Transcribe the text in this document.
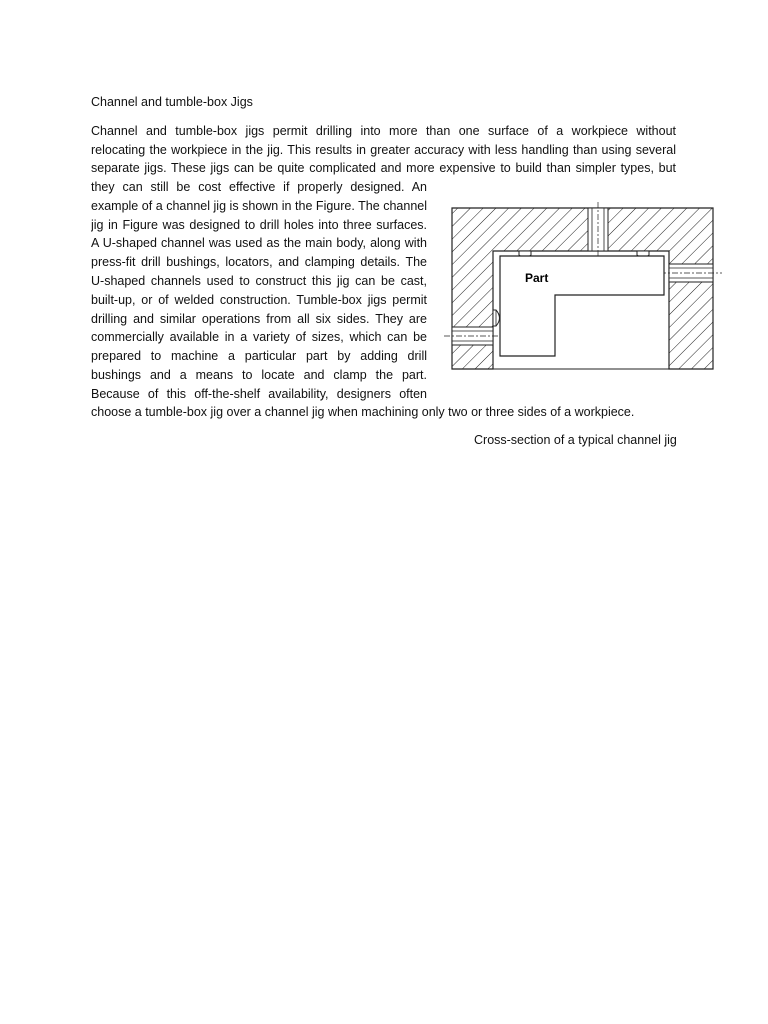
Channel and tumble-box Jigs
Channel and tumble-box jigs permit drilling into more than one surface of a workpiece without
relocating the workpiece in the jig. This results in greater accuracy with less handling than using several
separate jigs. These jigs can be quite complicated and more expensive to build than simpler types, but
they can still be cost effective if properly designed. An
example of a channel jig is shown in the Figure. The channel
jig in Figure was designed to drill holes into three surfaces.
A U-shaped channel was used as the main body, along with
press-fit drill bushings, locators, and clamping details. The
U-shaped channels used to construct this jig can be cast,
built-up, or of welded construction. Tumble-box jigs permit
drilling and similar operations from all six sides. They are
commercially available in a variety of sizes, which can be
prepared to machine a particular part by adding drill
bushings and a means to locate and clamp the part.
Because of this off-the-shelf availability, designers often
choose a tumble-box jig over a channel jig when machining only two or three sides of a workpiece.
Part
Cross-section of a typical channel jig
